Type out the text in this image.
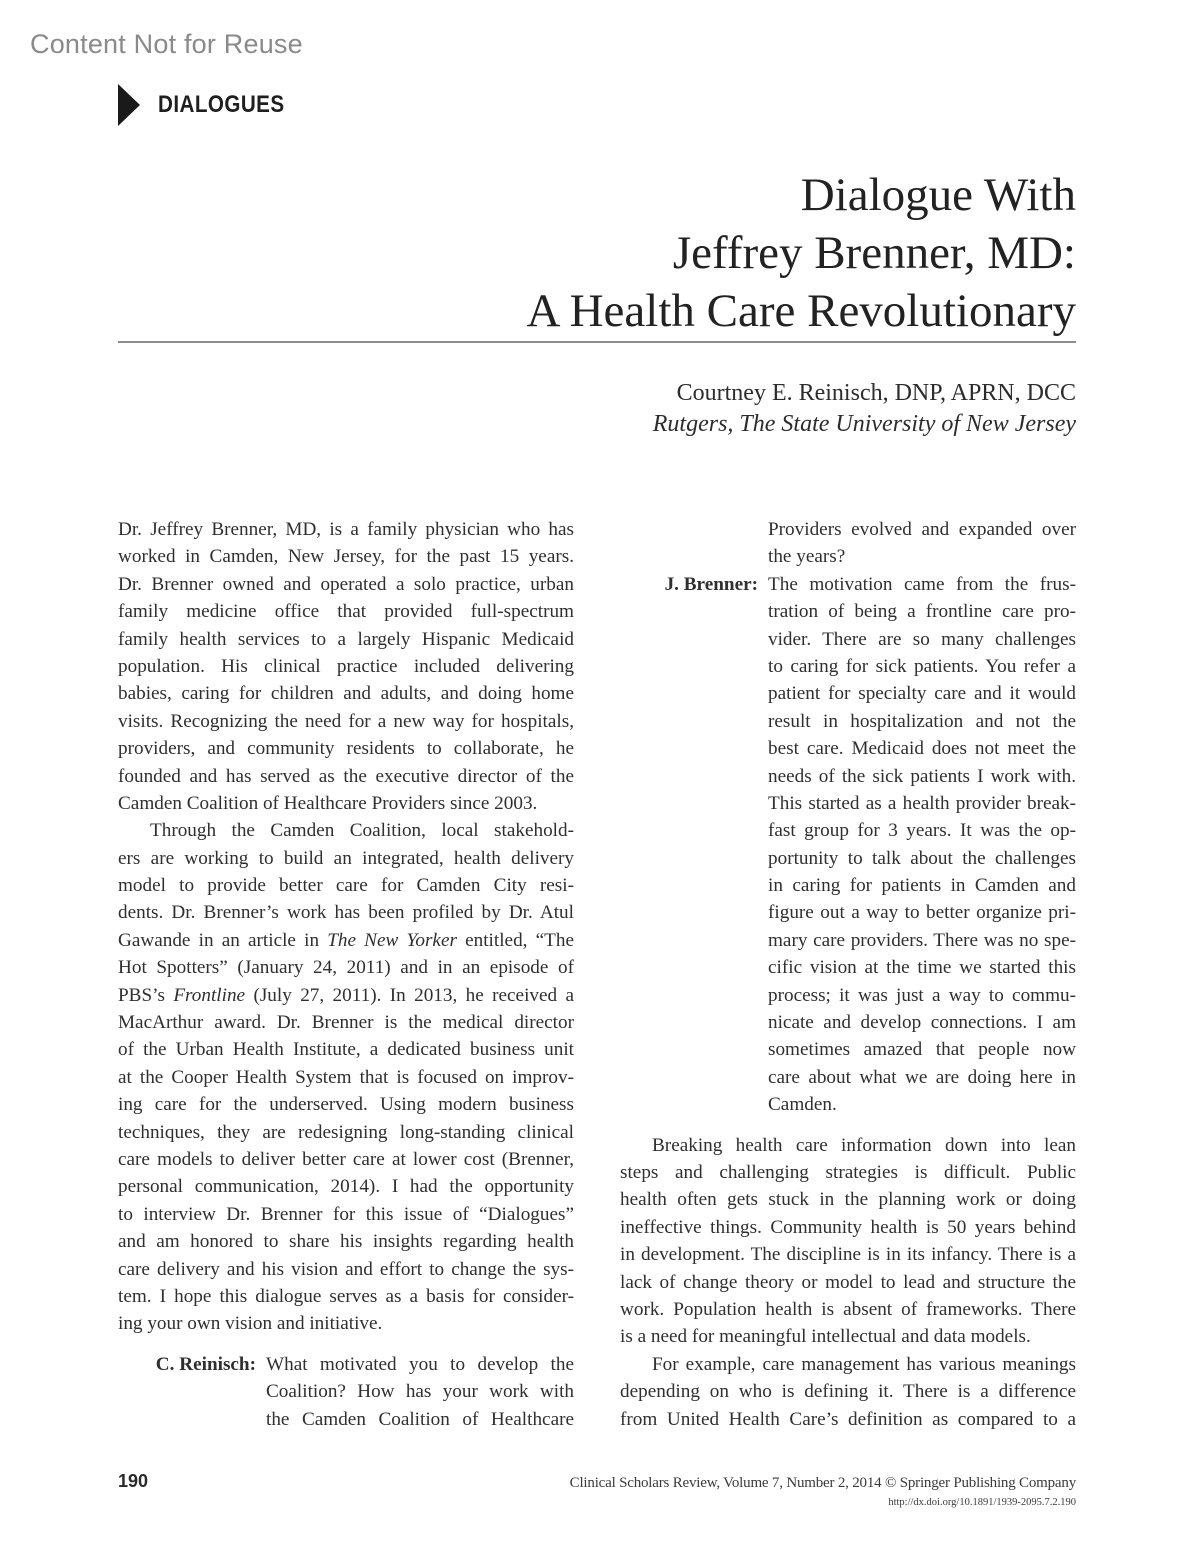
Content Not for Reuse
DIALOGUES
Dialogue With
Jeffrey Brenner, MD:
A Health Care Revolutionary
Courtney E. Reinisch, DNP, APRN, DCC
Rutgers, The State University of New Jersey
Dr. Jeffrey Brenner, MD, is a family physician who has
worked in Camden, New Jersey, for the past 15 years.
Dr. Brenner owned and operated a solo practice, urban
family medicine office that provided full-spectrum
family health services to a largely Hispanic Medicaid
population. His clinical practice included delivering
babies, caring for children and adults, and doing home
visits. Recognizing the need for a new way for hospitals,
providers, and community residents to collaborate, he
founded and has served as the executive director of the
Camden Coalition of Healthcare Providers since 2003.
Through the Camden Coalition, local stakehold-
ers are working to build an integrated, health delivery
model to provide better care for Camden City resi-
dents. Dr. Brenner’s work has been profiled by Dr. Atul
Gawande in an article in The New Yorker entitled, “The
Hot Spotters” (January 24, 2011) and in an episode of
PBS’s Frontline (July 27, 2011). In 2013, he received a
MacArthur award. Dr. Brenner is the medical director
of the Urban Health Institute, a dedicated business unit
at the Cooper Health System that is focused on improv-
ing care for the underserved. Using modern business
techniques, they are redesigning long-standing clinical
care models to deliver better care at lower cost (Brenner,
personal communication, 2014). I had the opportunity
to interview Dr. Brenner for this issue of “Dialogues”
and am honored to share his insights regarding health
care delivery and his vision and effort to change the sys-
tem. I hope this dialogue serves as a basis for consider-
ing your own vision and initiative.
C. Reinisch: What motivated you to develop the
Coalition? How has your work with
the Camden Coalition of Healthcare
Providers evolved and expanded over
the years?
J. Brenner: The motivation came from the frus-
tration of being a frontline care pro-
vider. There are so many challenges
to caring for sick patients. You refer a
patient for specialty care and it would
result in hospitalization and not the
best care. Medicaid does not meet the
needs of the sick patients I work with.
This started as a health provider break-
fast group for 3 years. It was the op-
portunity to talk about the challenges
in caring for patients in Camden and
figure out a way to better organize pri-
mary care providers. There was no spe-
cific vision at the time we started this
process; it was just a way to commu-
nicate and develop connections. I am
sometimes amazed that people now
care about what we are doing here in
Camden.
Breaking health care information down into lean
steps and challenging strategies is difficult. Public
health often gets stuck in the planning work or doing
ineffective things. Community health is 50 years behind
in development. The discipline is in its infancy. There is a
lack of change theory or model to lead and structure the
work. Population health is absent of frameworks. There
is a need for meaningful intellectual and data models.
For example, care management has various meanings
depending on who is defining it. There is a difference
from United Health Care’s definition as compared to a
190	Clinical Scholars Review, Volume 7, Number 2, 2014 © Springer Publishing Company
http://dx.doi.org/10.1891/1939-2095.7.2.190
